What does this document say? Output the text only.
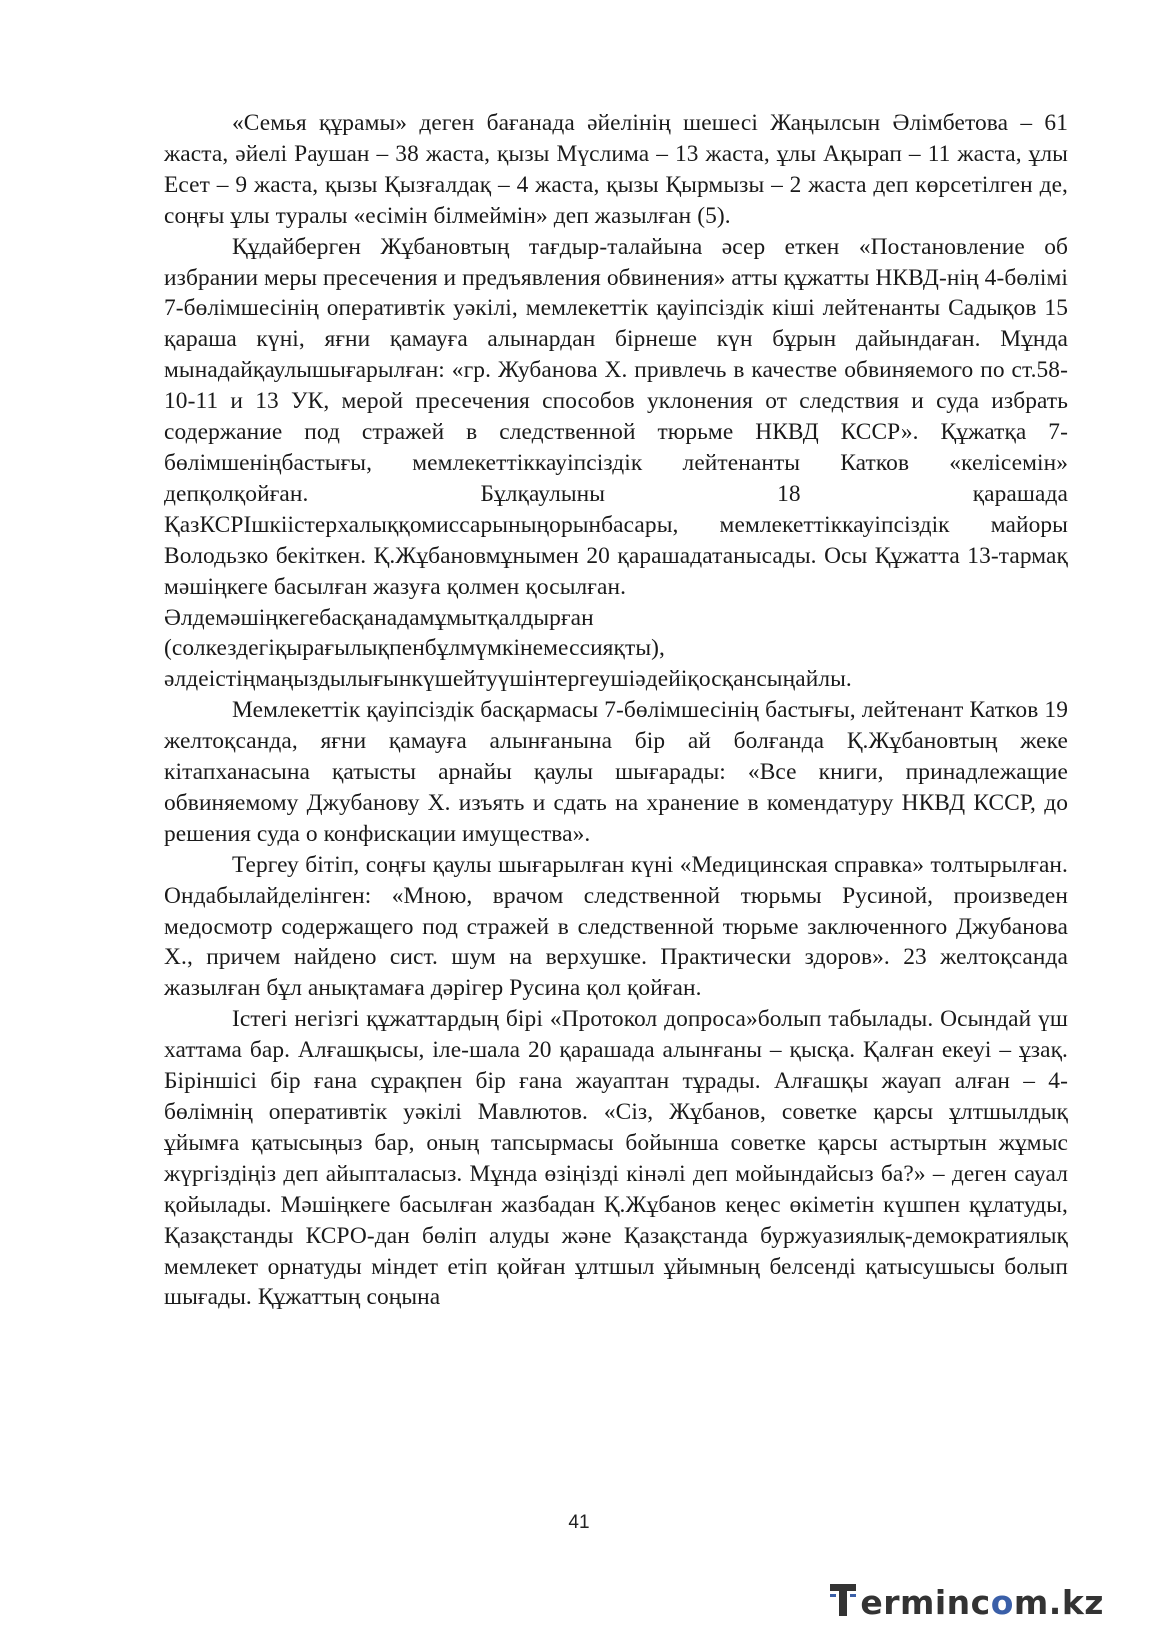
«Семья құрамы» деген бағанада әйелінің шешесі Жаңылсын Әлімбетова – 61 жаста, әйелі Раушан – 38 жаста, қызы Мүслима – 13 жаста, ұлы Ақырап – 11 жаста, ұлы Есет – 9 жаста, қызы Қызғалдақ – 4 жаста, қызы Қырмызы – 2 жаста деп көрсетілген де, соңғы ұлы туралы «есімін білмеймін» деп жазылған (5).

Құдайберген Жұбановтың тағдыр-талайына әсер еткен «Постановление об избрании меры пресечения и предъявления обвинения» атты құжатты НКВД-нің 4-бөлімі 7-бөлімшесінің оперативтік уәкілі, мемлекеттік қауіпсіздік кіші лейтенанты Садықов 15 қараша күні, яғни қамауға алынардан бірнеше күн бұрын дайындаған. Мұнда мынадайқаулышығарылған: «гр. Жубанова Х. привлечь в качестве обвиняемого по ст.58-10-11 и 13 УК, мерой пресечения способов уклонения от следствия и суда избрать содержание под стражей в следственной тюрьме НКВД КССР». Құжатқа 7-бөлімшеніңбастығы, мемлекеттіккауіпсіздік лейтенанты Катков «келісемін» депқолқойған. Бұлқаулыны 18 қарашада ҚазКСРІшкіістерхалыққомиссарыныңорынбасары, мемлекеттіккауіпсіздік майоры Володьзко бекіткен. Қ.Жұбановмұнымен 20 қарашадатанысады. Осы Құжатта 13-тармақ мәшіңкеге басылған жазуға қолмен қосылған.

Әлдемәшіңкегебасқанадамұмытқалдырған
(солкездегіқырағылықпенбұлмүмкінемессияқты),
әлдеістіңмаңыздылығынкүшейтуүшінтергеушіәдейіқосқансыңайлы.

Мемлекеттік қауіпсіздік басқармасы 7-бөлімшесінің бастығы, лейтенант Катков 19 желтоқсанда, яғни қамауға алынғанына бір ай болғанда Қ.Жұбановтың жеке кітапханасына қатысты арнайы қаулы шығарады: «Все книги, принадлежащие обвиняемому Джубанову Х. изъять и сдать на хранение в комендатуру НКВД КССР, до решения суда о конфискации имущества».

Тергеу бітіп, соңғы қаулы шығарылған күні «Медицинская справка» толтырылған. Ондабылайделінген: «Мною, врачом следственной тюрьмы Русиной, произведен медосмотр содержащего под стражей в следственной тюрьме заключенного Джубанова Х., причем найдено сист. шум на верхушке. Практически здоров». 23 желтоқсанда жазылған бұл анықтамаға дәрігер Русина қол қойған.

Істегі негізгі құжаттардың бірі «Протокол допроса»болып табылады. Осындай үш хаттама бар. Алғашқысы, іле-шала 20 қарашада алынғаны – қысқа. Қалған екеуі – ұзақ. Біріншісі бір ғана сұрақпен бір ғана жауаптан тұрады. Алғашқы жауап алған – 4-бөлімнің оперативтік уәкілі Мавлютов. «Сіз, Жұбанов, советке қарсы ұлтшылдық ұйымға қатысыңыз бар, оның тапсырмасы бойынша советке қарсы астыртын жұмыс жүргіздіңіз деп айыпталасыз. Мұнда өзіңізді кінәлі деп мойындайсыз ба?» – деген сауал қойылады. Мәшіңкеге басылған жазбадан Қ.Жұбанов кеңес өкіметін күшпен құлатуды, Қазақстанды КСРО-дан бөліп алуды және Қазақстанда буржуазиялық-демократиялық мемлекет орнатуды міндет етіп қойған ұлтшыл ұйымның белсенді қатысушысы болып шығады. Құжаттың соңына

41
erminc o m.kz
